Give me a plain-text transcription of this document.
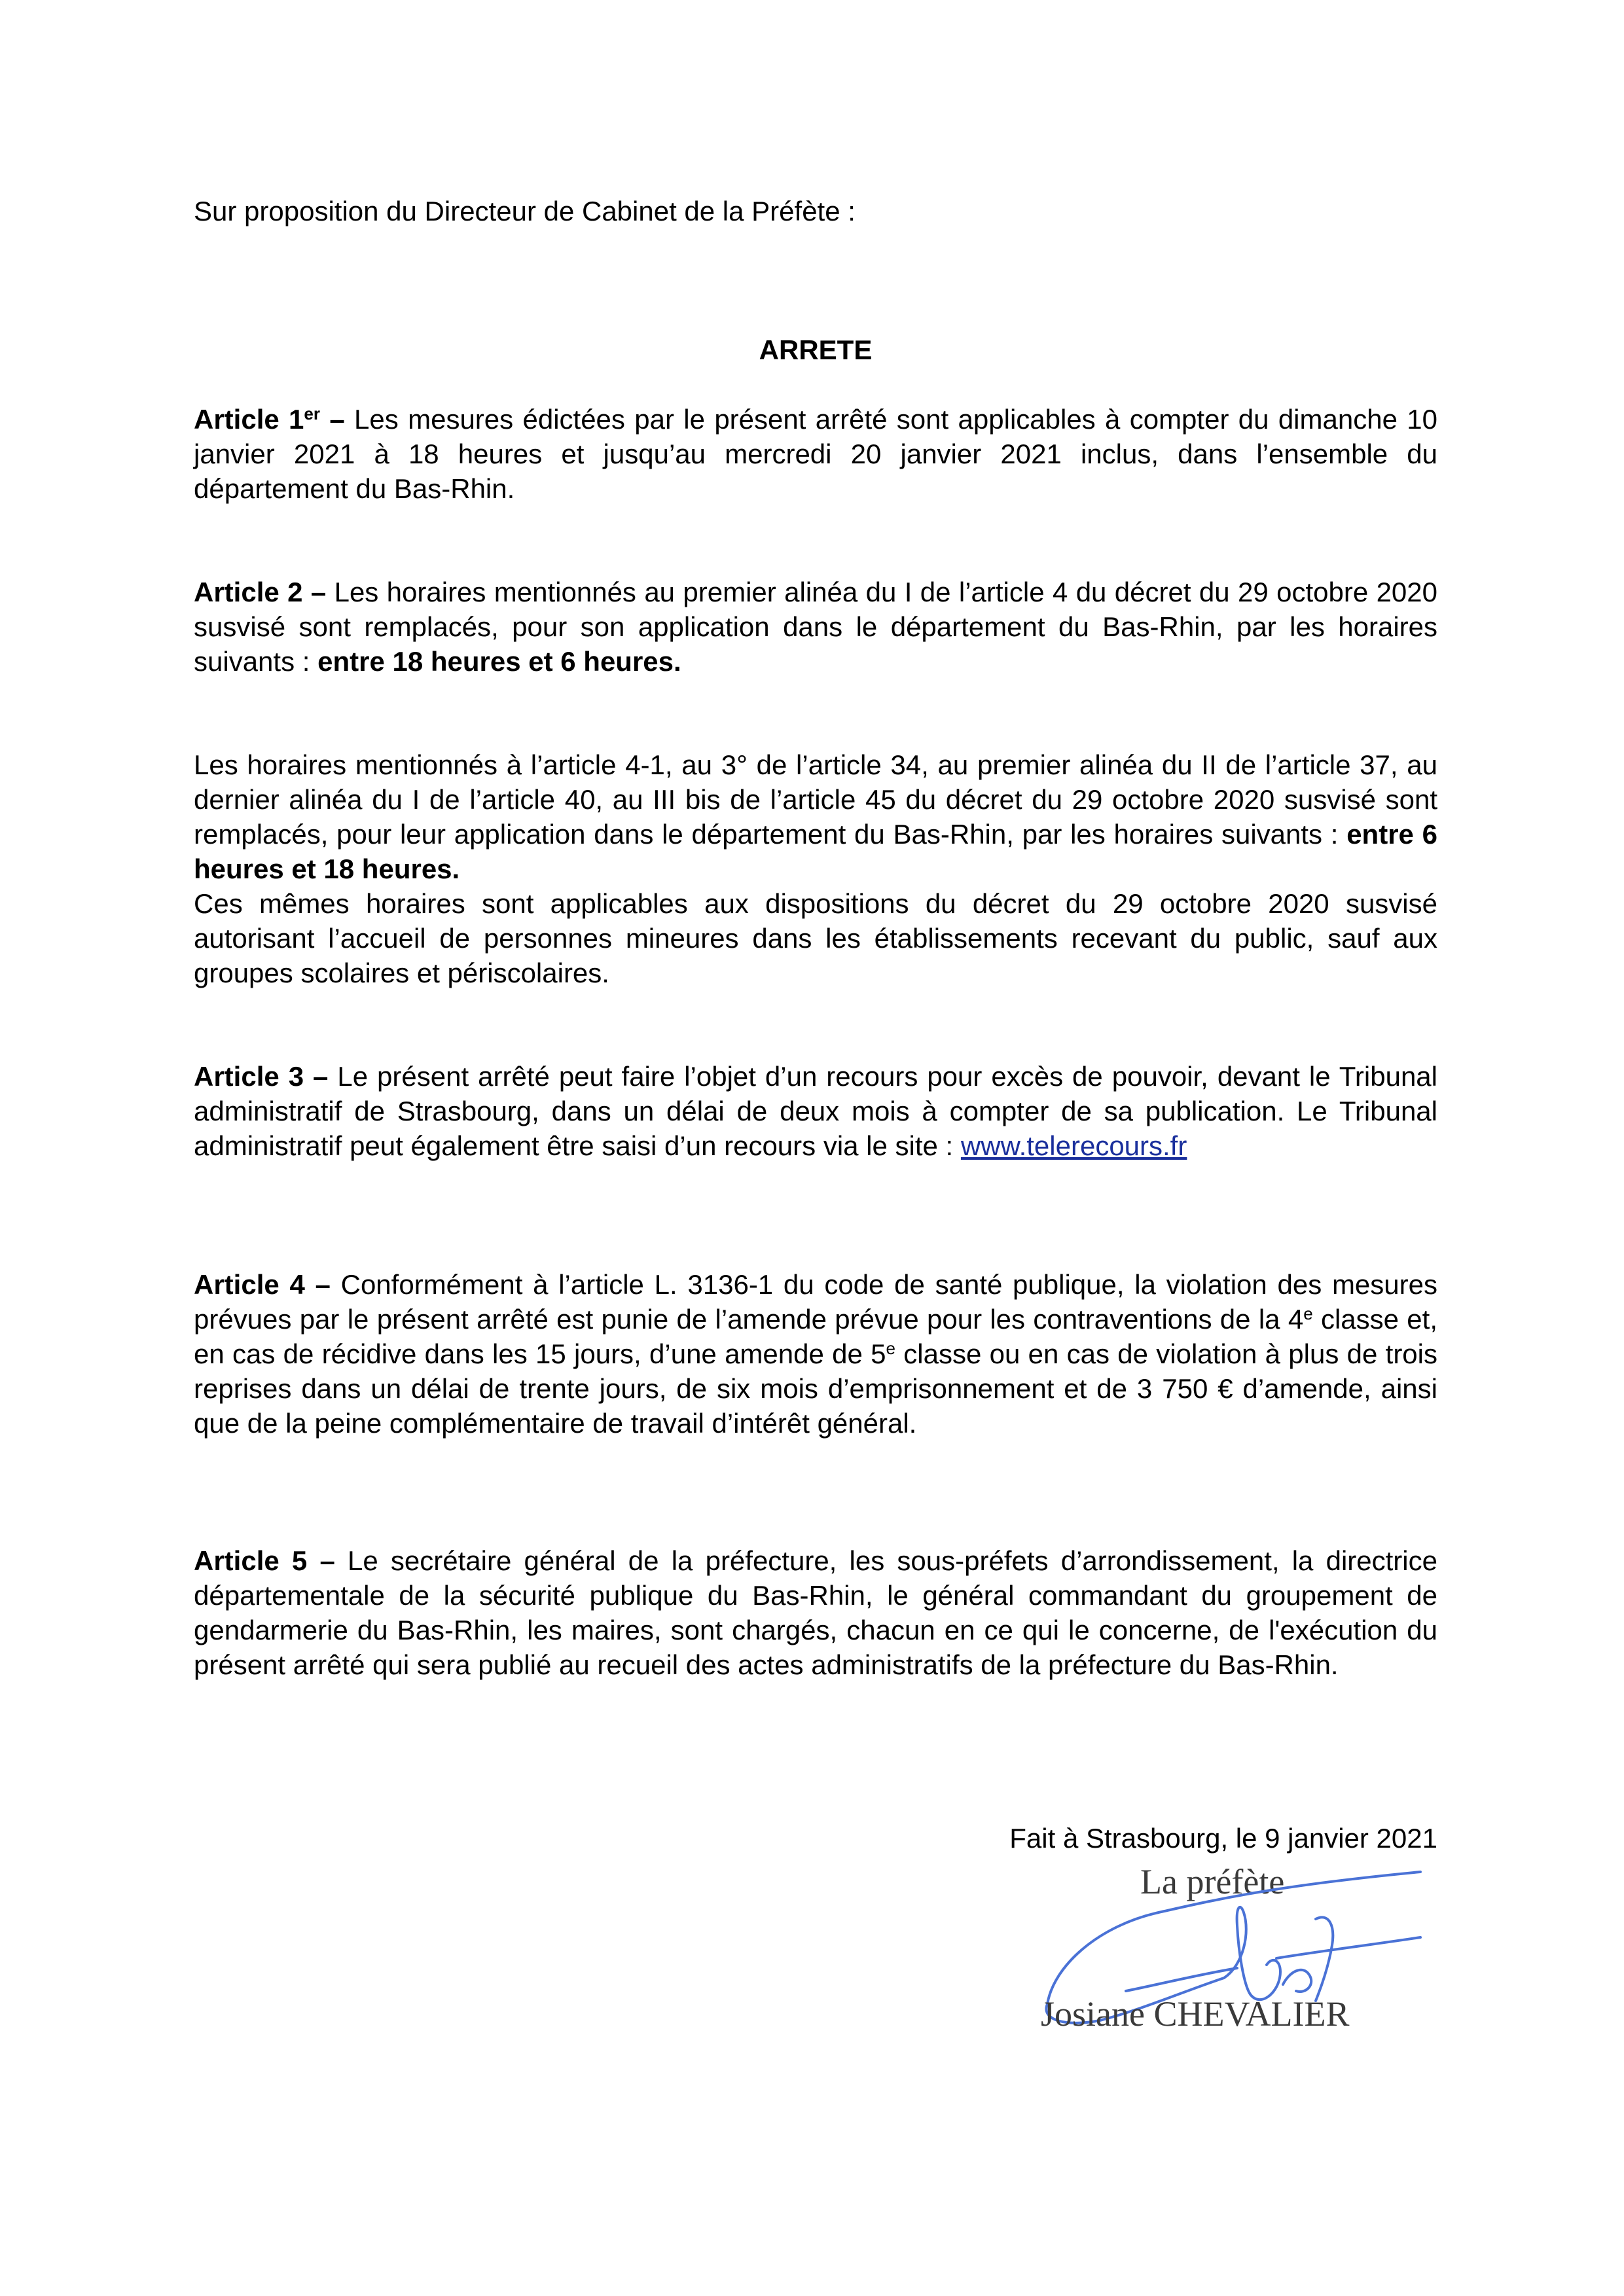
Sur proposition du Directeur de Cabinet de la Préfète :
ARRETE

Article 1er – Les mesures édictées par le présent arrêté sont applicables à compter du dimanche 10 janvier 2021 à 18 heures et jusqu’au mercredi 20 janvier 2021 inclus, dans l’ensemble du département du Bas-Rhin.

Article 2 – Les horaires mentionnés au premier alinéa du I de l’article 4 du décret du 29 octobre 2020 susvisé sont remplacés, pour son application dans le département du Bas-Rhin, par les horaires suivants : entre 18 heures et 6 heures.

Les horaires mentionnés à l’article 4-1, au 3° de l’article 34, au premier alinéa du II de l’article 37, au dernier alinéa du I de l’article 40, au III bis de l’article 45 du décret du 29 octobre 2020 susvisé sont remplacés, pour leur application dans le département du Bas-Rhin, par les horaires suivants : entre 6 heures et 18 heures.

Ces mêmes horaires sont applicables aux dispositions du décret du 29 octobre 2020 susvisé autorisant l’accueil de personnes mineures dans les établissements recevant du public, sauf aux groupes scolaires et périscolaires.

Article 3 – Le présent arrêté peut faire l’objet d’un recours pour excès de pouvoir, devant le Tribunal administratif de Strasbourg, dans un délai de deux mois à compter de sa publication. Le Tribunal administratif peut également être saisi d’un recours via le site : www.telerecours.fr

Article 4 – Conformément à l’article L. 3136-1 du code de santé publique, la violation des mesures prévues par le présent arrêté est punie de l’amende prévue pour les contraventions de la 4e classe et, en cas de récidive dans les 15 jours, d’une amende de 5e classe ou en cas de violation à plus de trois reprises dans un délai de trente jours, de six mois d’emprisonnement et de 3 750 € d’amende, ainsi que de la peine complémentaire de travail d’intérêt général.

Article 5 – Le secrétaire général de la préfecture, les sous-préfets d’arrondissement, la directrice départementale de la sécurité publique du Bas-Rhin, le général commandant du groupement de gendarmerie du Bas-Rhin, les maires, sont chargés, chacun en ce qui le concerne, de l'exécution du présent arrêté qui sera publié au recueil des actes administratifs de la préfecture du Bas-Rhin.

Fait à Strasbourg, le 9 janvier 2021
La préfète
Josiane CHEVALIER
